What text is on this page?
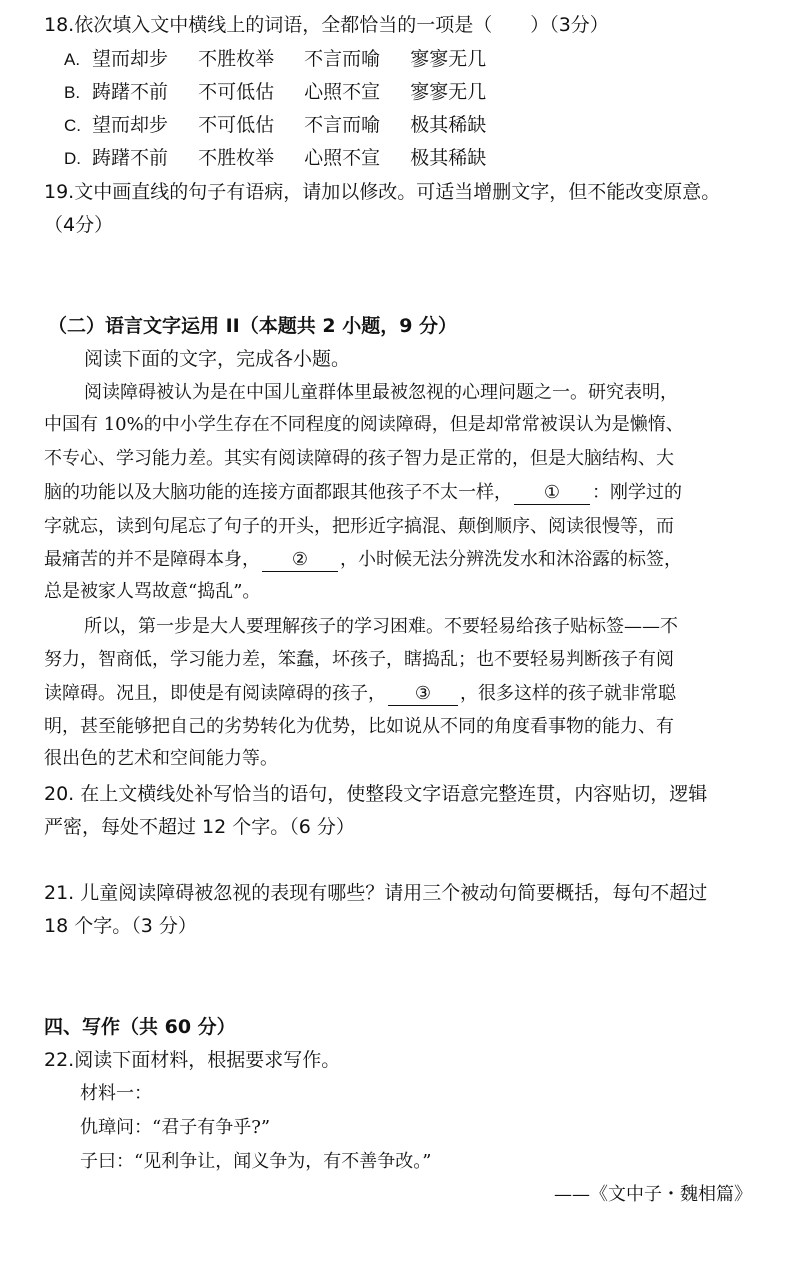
18.依次填入文中横线上的词语，全都恰当的一项是（　　）（3分）
A. 望而却步 不胜枚举 不言而喻 寥寥无几
B. 踌躇不前 不可低估 心照不宣 寥寥无几
C. 望而却步 不可低估 不言而喻 极其稀缺
D. 踌躇不前 不胜枚举 心照不宣 极其稀缺
19.文中画直线的句子有语病，请加以修改。可适当增删文字，但不能改变原意。
（4分）
（二）语言文字运用 II（本题共 2 小题，9 分）
阅读下面的文字，完成各小题。
阅读障碍被认为是在中国儿童群体里最被忽视的心理问题之一。研究表明，
中国有 10%的中小学生存在不同程度的阅读障碍，但是却常常被误认为是懒惰、
不专心、学习能力差。其实有阅读障碍的孩子智力是正常的，但是大脑结构、大
脑的功能以及大脑功能的连接方面都跟其他孩子不太一样， ① ：刚学过的
字就忘，读到句尾忘了句子的开头，把形近字搞混、颠倒顺序、阅读很慢等，而
最痛苦的并不是障碍本身， ② ，小时候无法分辨洗发水和沐浴露的标签，
总是被家人骂故意“捣乱”。
所以，第一步是大人要理解孩子的学习困难。不要轻易给孩子贴标签——不
努力，智商低，学习能力差，笨蠢，坏孩子，瞎捣乱；也不要轻易判断孩子有阅
读障碍。况且，即使是有阅读障碍的孩子， ③ ，很多这样的孩子就非常聪
明，甚至能够把自己的劣势转化为优势，比如说从不同的角度看事物的能力、有
很出色的艺术和空间能力等。
20. 在上文横线处补写恰当的语句，使整段文字语意完整连贯，内容贴切，逻辑
严密，每处不超过 12 个字。（6 分）
21. 儿童阅读障碍被忽视的表现有哪些？请用三个被动句简要概括，每句不超过
18 个字。（3 分）
四、写作（共 60 分）
22.阅读下面材料，根据要求写作。
材料一：
仇璋问：“君子有争乎?”
子曰：“见利争让，闻义争为，有不善争改。”
——《文中子・魏相篇》
